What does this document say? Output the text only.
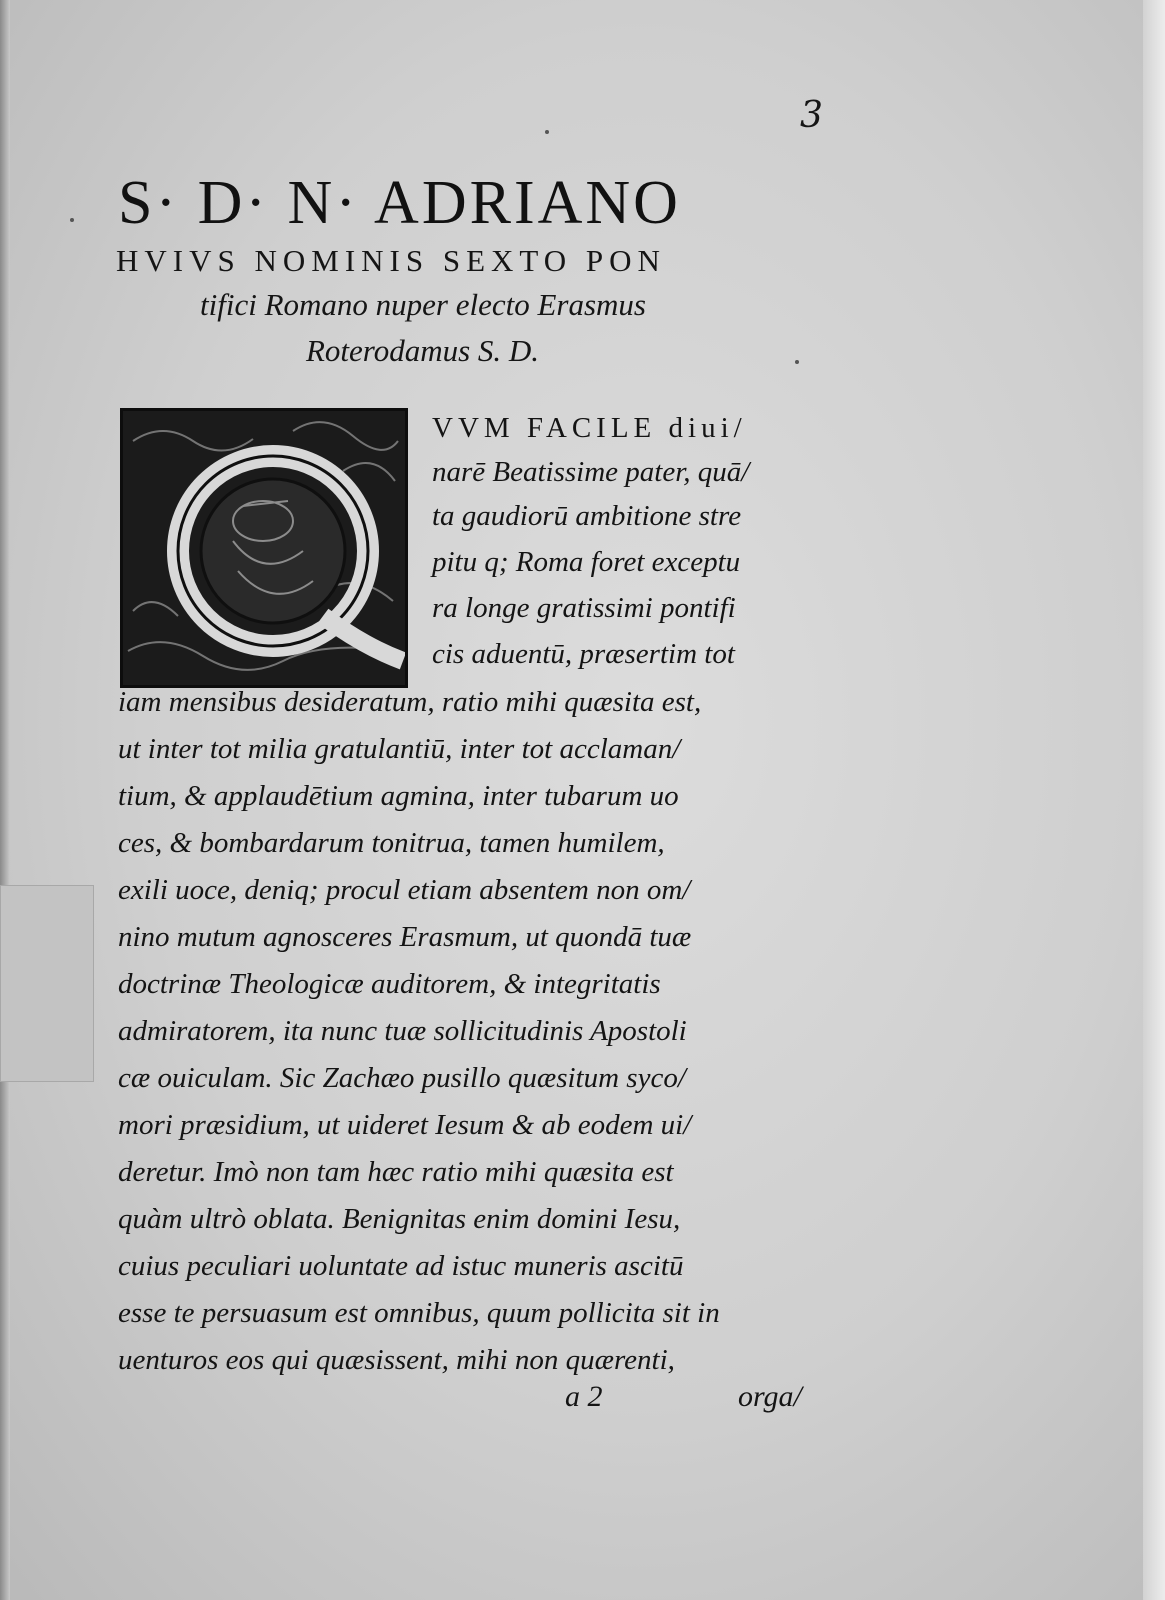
3
S· D· N· ADRIANO
HVIVS NOMINIS SEXTO PON
tifici Romano nuper electo Erasmus
Roterodamus S. D.
VVM FACILE diui/
narē Beatissime pater, quā/
ta gaudiorū ambitione stre
pitu q; Roma foret exceptu
ra longe gratissimi pontifi
cis aduentū, præsertim tot
iam mensibus desideratum, ratio mihi quæsita est,
ut inter tot milia gratulantiū, inter tot acclaman/
tium, & applaudētium agmina, inter tubarum uo
ces, & bombardarum tonitrua, tamen humilem,
exili uoce, deniq; procul etiam absentem non om/
nino mutum agnosceres Erasmum, ut quondā tuæ
doctrinæ Theologicæ auditorem, & integritatis
admiratorem, ita nunc tuæ sollicitudinis Apostoli
cæ ouiculam. Sic Zachæo pusillo quæsitum syco/
mori præsidium, ut uideret Iesum & ab eodem ui/
deretur. Imò non tam hæc ratio mihi quæsita est
quàm ultrò oblata. Benignitas enim domini Iesu,
cuius peculiari uoluntate ad istuc muneris ascitū
esse te persuasum est omnibus, quum pollicita sit in
uenturos eos qui quæsissent, mihi non quærenti,
a 2	orga/
